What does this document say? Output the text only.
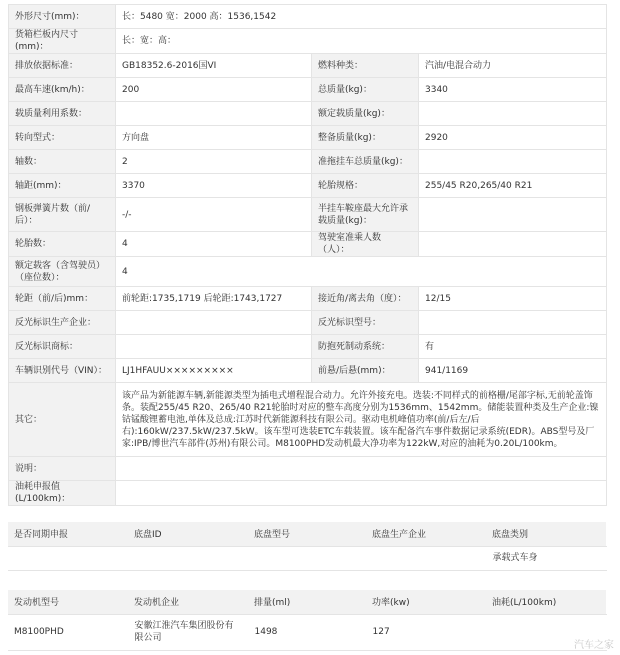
外形尺寸(mm)：	长：5480 宽：2000 高：1536,1542		
货箱栏板内尺寸(mm)：	长：宽：高：		
排放依据标准：	GB18352.6-2016国VI	燃料种类：	汽油/电混合动力
最高车速(km/h)：	200	总质量(kg)：	3340
载质量利用系数：		额定载质量(kg)：	
转向型式：	方向盘	整备质量(kg)：	2920
轴数：	2	准拖挂车总质量(kg)：	
轴距(mm)：	3370	轮胎规格：	255/45 R20,265/40 R21
钢板弹簧片数（前/后）：	-/-	半挂车鞍座最大允许承载质量(kg)：	
轮胎数：	4	驾驶室准乘人数（人）：	
额定载客（含驾驶员）（座位数）：	4		
轮距（前/后)mm：	前轮距:1735,1719 后轮距:1743,1727	接近角/离去角（度）：	12/15
反光标识生产企业：		反光标识型号：	
反光标识商标：		防抱死制动系统：	有
车辆识别代号（VIN）：	LJ1HFAUU×××××××××	前悬/后悬(mm)：	941/1169
其它：	该产品为新能源车辆,新能源类型为插电式增程混合动力。允许外接充电。选装:不同样式的前格栅/尾部字标,无前轮盖饰条。装配255/45 R20、265/40 R21轮胎时对应的整车高度分别为1536mm、1542mm。储能装置种类及生产企业:镍钴锰酸锂蓄电池,单体及总成:江苏时代新能源科技有限公司。驱动电机峰值功率(前/后左/后右):160kW/237.5kW/237.5kW。该车型可选装ETC车载装置。该车配备汽车事件数据记录系统(EDR)。ABS型号及厂家:IPB/博世汽车部件(苏州)有限公司。M8100PHD发动机最大净功率为122kW,对应的油耗为0.20L/100km。		
说明：			
油耗申报值(L/100km)：			
是否同期申报	底盘ID	底盘型号	底盘生产企业	底盘类别
				承载式车身
发动机型号	发动机企业	排量(ml)	功率(kw)	油耗(L/100km)
M8100PHD	安徽江淮汽车集团股份有限公司	1498	127	
汽车之家
